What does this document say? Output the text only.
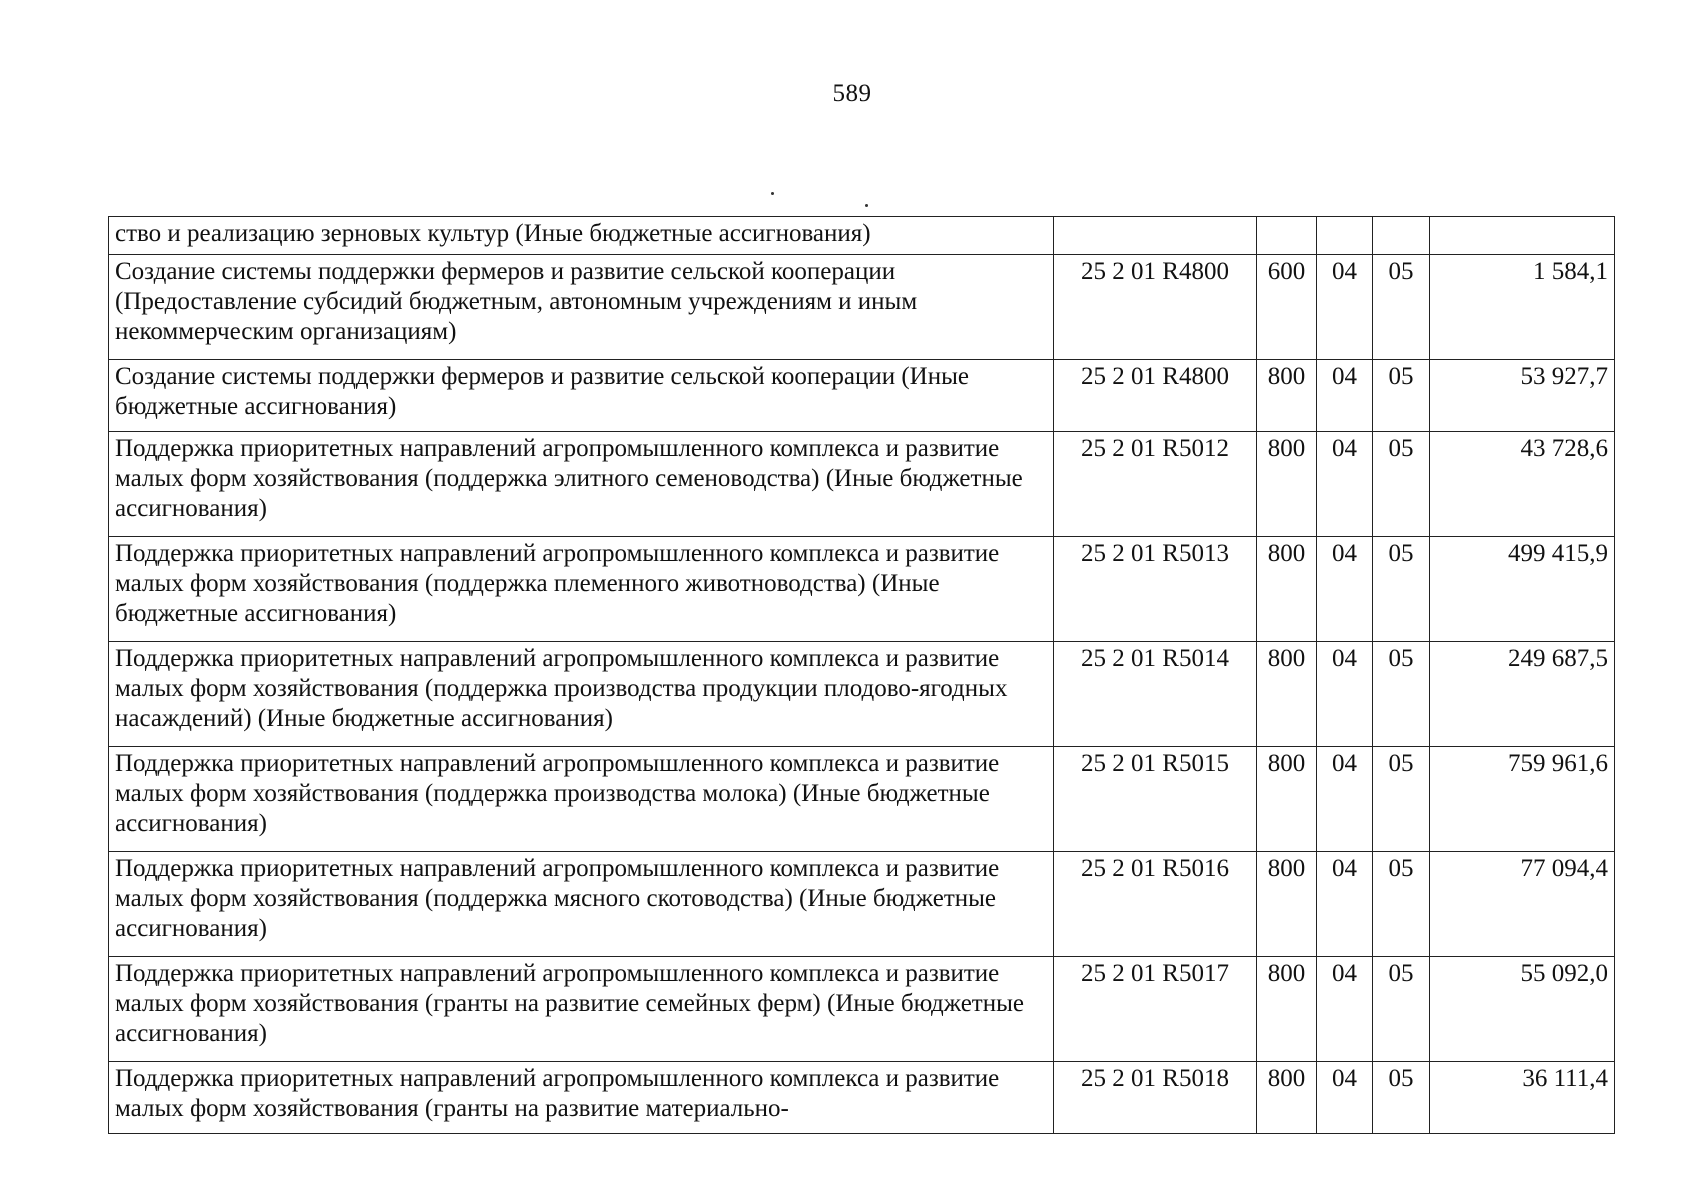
589
ство и реализацию зерновых культур (Иные бюджетные ассигнования)					
Создание системы поддержки фермеров и развитие сельской кооперации (Предоставление субсидий бюджетным, автономным учреждениям и иным некоммерческим организациям)	25 2 01 R4800	600	04	05	1 584,1
Создание системы поддержки фермеров и развитие сельской кооперации (Иные бюджетные ассигнования)	25 2 01 R4800	800	04	05	53 927,7
Поддержка приоритетных направлений агропромышленного комплекса и развитие малых форм хозяйствования (поддержка элитного семеноводства) (Иные бюджетные ассигнования)	25 2 01 R5012	800	04	05	43 728,6
Поддержка приоритетных направлений агропромышленного комплекса и развитие малых форм хозяйствования (поддержка племенного животноводства) (Иные бюджетные ассигнования)	25 2 01 R5013	800	04	05	499 415,9
Поддержка приоритетных направлений агропромышленного комплекса и развитие малых форм хозяйствования (поддержка производства продукции плодово-ягодных насаждений) (Иные бюджетные ассигнования)	25 2 01 R5014	800	04	05	249 687,5
Поддержка приоритетных направлений агропромышленного комплекса и развитие малых форм хозяйствования (поддержка производства молока) (Иные бюджетные ассигнования)	25 2 01 R5015	800	04	05	759 961,6
Поддержка приоритетных направлений агропромышленного комплекса и развитие малых форм хозяйствования (поддержка мясного скотоводства) (Иные бюджетные ассигнования)	25 2 01 R5016	800	04	05	77 094,4
Поддержка приоритетных направлений агропромышленного комплекса и развитие малых форм хозяйствования (гранты на развитие семейных ферм) (Иные бюджетные ассигнования)	25 2 01 R5017	800	04	05	55 092,0
Поддержка приоритетных направлений агропромышленного комплекса и развитие малых форм хозяйствования (гранты на развитие материально-	25 2 01 R5018	800	04	05	36 111,4
